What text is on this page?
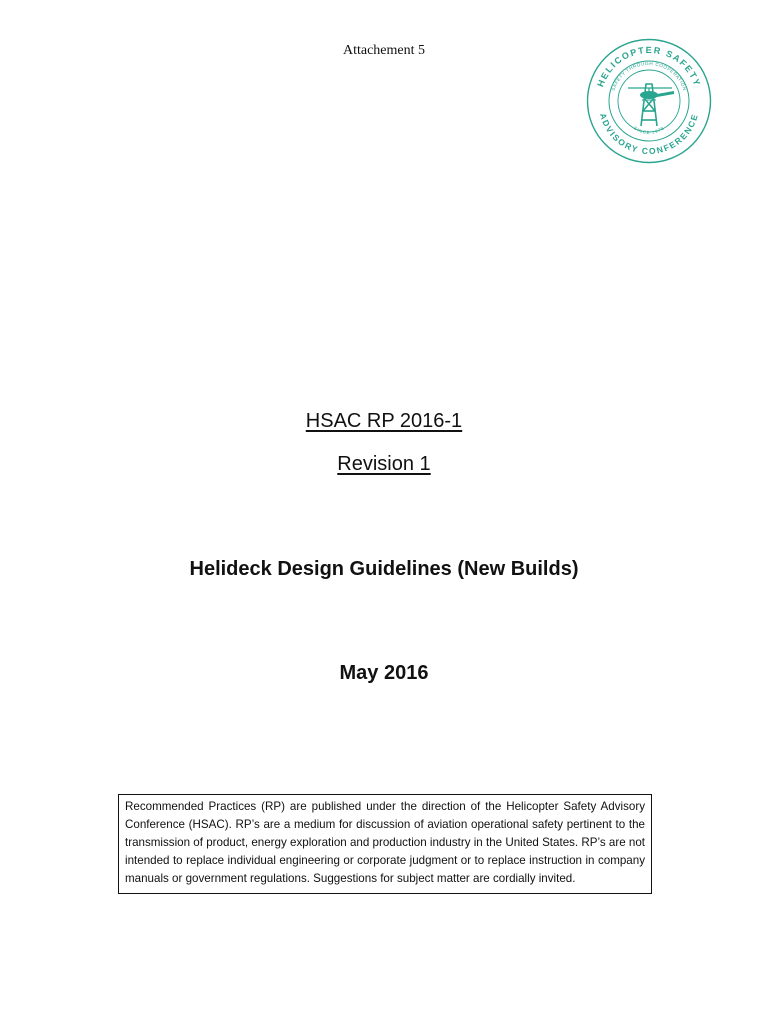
Attachement 5
HELICOPTER SAFETY
ADVISORY CONFERENCE
SAFETY THROUGH COOPERATION
SINCE 1978
HSAC RP 2016-1
Revision 1
Helideck Design Guidelines (New Builds)
May 2016
Recommended Practices (RP) are published under the direction of the Helicopter Safety Advisory Conference (HSAC). RP’s are a medium for discussion of aviation operational safety pertinent to the transmission of product, energy exploration and production industry in the United States. RP’s are not intended to replace individual engineering or corporate judgment or to replace instruction in company manuals or government regulations. Suggestions for subject matter are cordially invited.
